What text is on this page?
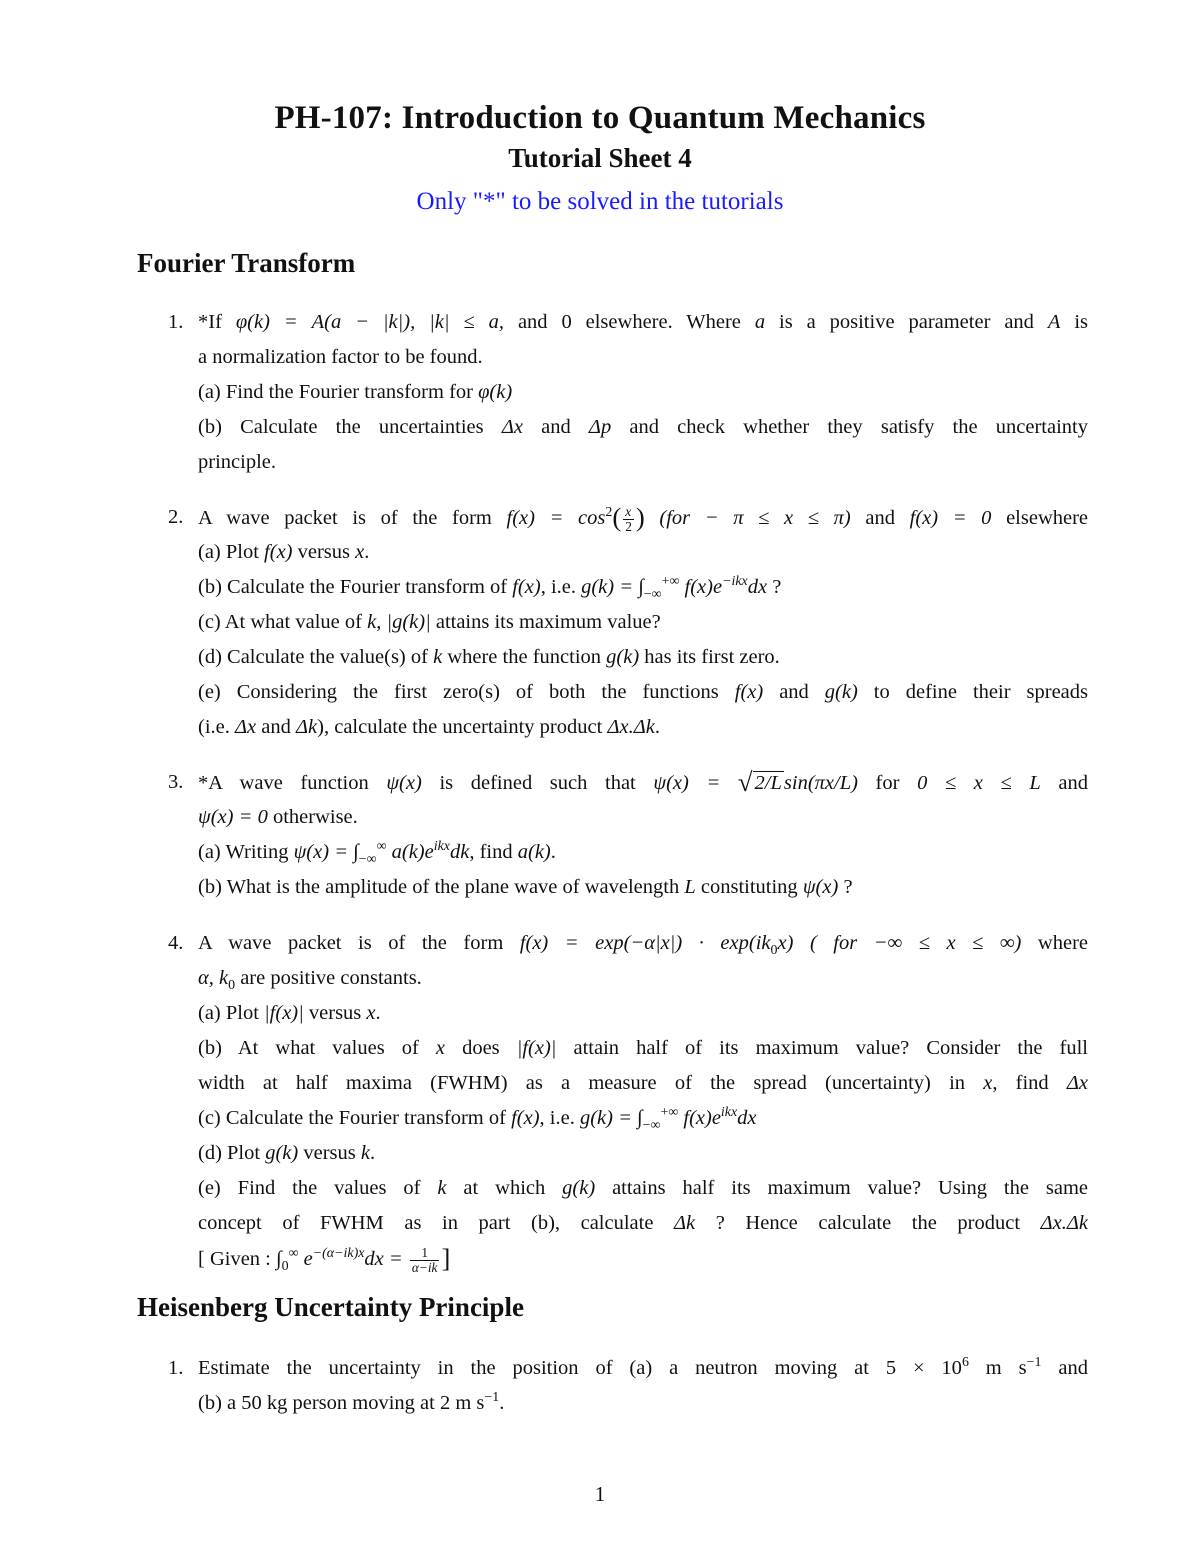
PH-107: Introduction to Quantum Mechanics
Tutorial Sheet 4
Only "*" to be solved in the tutorials
Fourier Transform
1. *If φ(k) = A(a − |k|), |k| ≤ a, and 0 elsewhere. Where a is a positive parameter and A is
a normalization factor to be found.
(a) Find the Fourier transform for φ(k)
(b) Calculate the uncertainties Δx and Δp and check whether they satisfy the uncertainty
principle.
2. A wave packet is of the form $f(x) = \cos^2( \frac{x}{2}$ ) (for − π ≤ x ≤ π) and f(x) = 0 elsewhere
(a) Plot f(x) versus x.
(b) Calculate the Fourier transform of f(x), i.e. $g(k) = \int_{-\infty}^{+\infty}$ $f(x)e^{-ikx}dx$ ?
(c) At what value of k, |g(k)| attains its maximum value?
(d) Calculate the value(s) of k where the function g(k) has its first zero.
(e) Considering the first zero(s) of both the functions f(x) and g(k) to define their spreads
(i.e. Δx and Δk), calculate the uncertainty product Δx.Δk.
3. *A wave function ψ(x) is defined such that ψ(x) = √2/Lsin(πx/L) for 0 ≤ x ≤ L and
ψ(x) = 0 otherwise.
(a) Writing $\psi(x) = \int_{-\infty}^\infty$ $a(k)e^{ikx}dk$, find a(k).
(b) What is the amplitude of the plane wave of wavelength L constituting ψ(x) ?
4. A wave packet is of the form $f(x) = \exp(-\alpha|x|) \cdot \exp(ik_0x)$ ( for −∞ ≤ x ≤ ∞) where
α, $k_0$ are positive constants.
(a) Plot |f(x)| versus x.
(b) At what values of x does |f(x)| attain half of its maximum value? Consider the full
width at half maxima (FWHM) as a measure of the spread (uncertainty) in x, find Δx
(c) Calculate the Fourier transform of f(x), i.e. $g(k) = \int_{-\infty}^{+\infty}$ $f(x)e^{ikx}dx$
(d) Plot g(k) versus k.
(e) Find the values of k at which g(k) attains half its maximum value? Using the same
concept of FWHM as in part (b), calculate Δk ? Hence calculate the product Δx.Δk
[ Given : $\int_0^\infty$ $e^{-(\alpha-ik)x}dx = \frac{1}{\alpha-ik}$ ]
Heisenberg Uncertainty Principle
1. Estimate the uncertainty in the position of (a) a neutron moving at $5 \times 10^6$ m $s^{-1}$ and
(b) a 50 kg person moving at 2 m $s^{-1}$.
1
